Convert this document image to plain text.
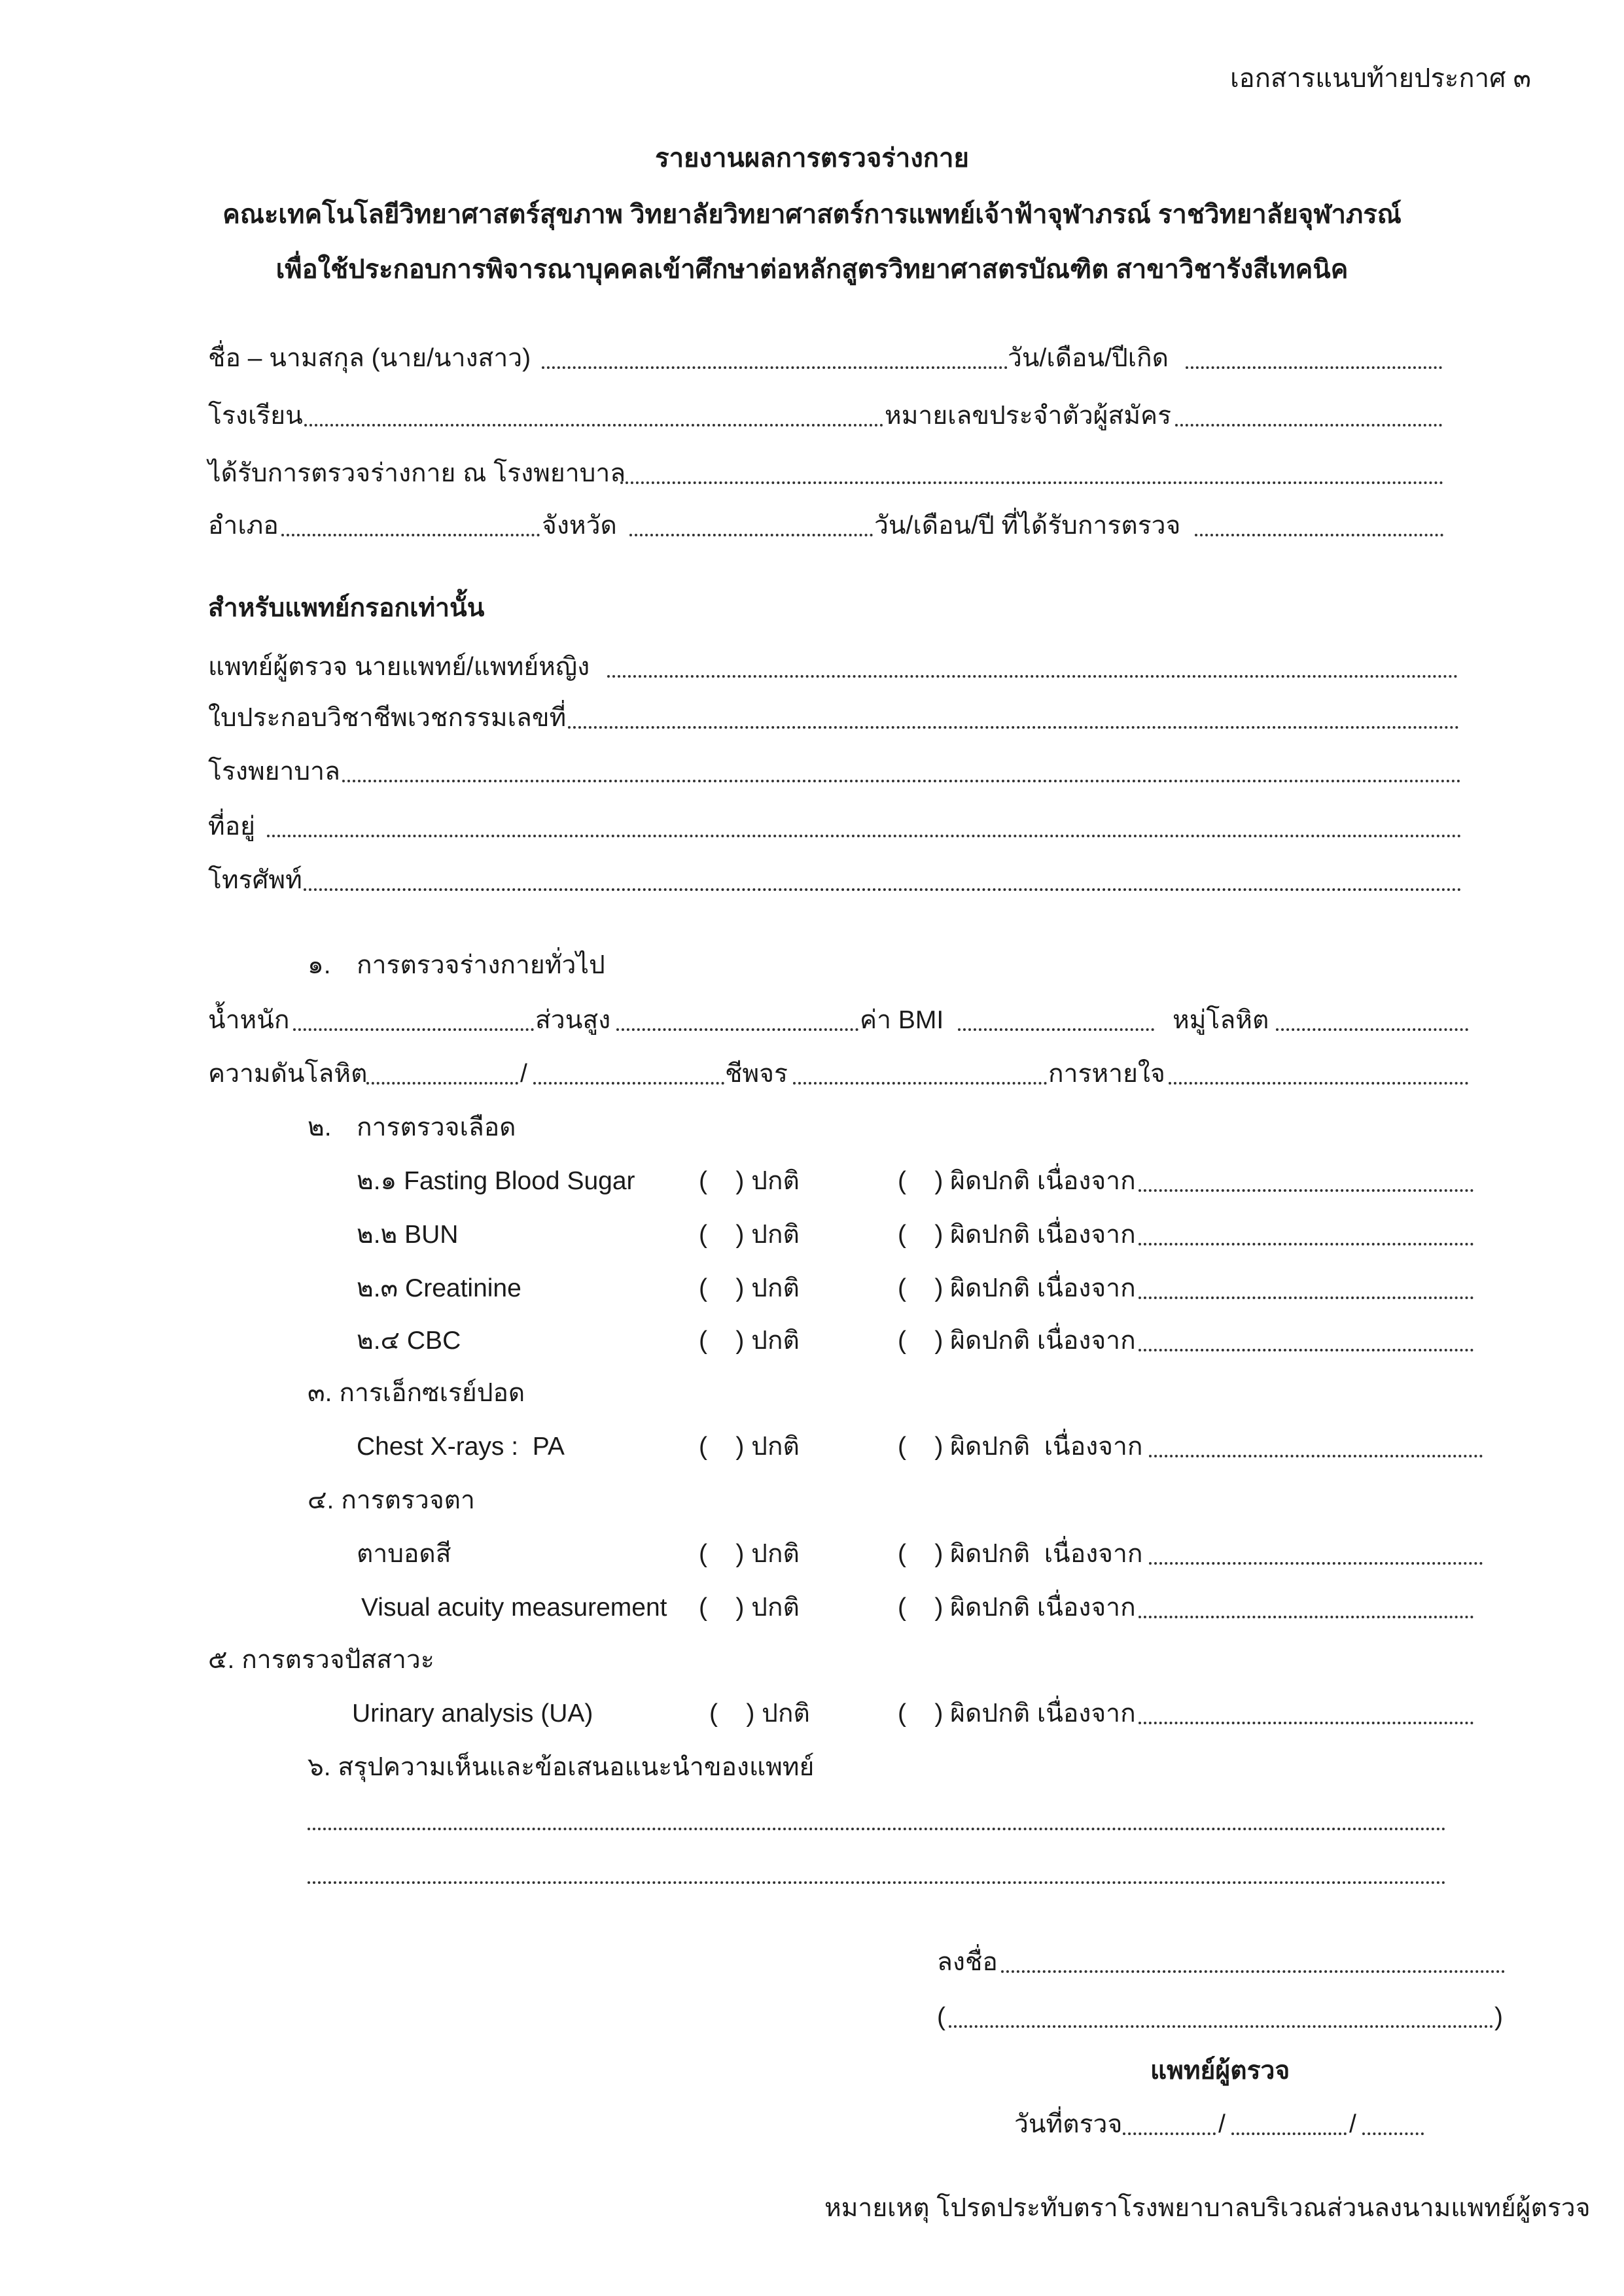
เอกสารแนบท้ายประกาศ ๓
รายงานผลการตรวจร่างกาย
คณะเทคโนโลยีวิทยาศาสตร์สุขภาพ วิทยาลัยวิทยาศาสตร์การแพทย์เจ้าฟ้าจุฬาภรณ์ ราชวิทยาลัยจุฬาภรณ์
เพื่อใช้ประกอบการพิจารณาบุคคลเข้าศึกษาต่อหลักสูตรวิทยาศาสตรบัณฑิต สาขาวิชารังสีเทคนิค
ชื่อ – นามสกุล (นาย/นางสาว)	วัน/เดือน/ปีเกิด
โรงเรียน	หมายเลขประจำตัวผู้สมัคร
ได้รับการตรวจร่างกาย ณ โรงพยาบาล
อำเภอ	จังหวัด	วัน/เดือน/ปี ที่ได้รับการตรวจ
สำหรับแพทย์กรอกเท่านั้น
แพทย์ผู้ตรวจ นายแพทย์/แพทย์หญิง
ใบประกอบวิชาชีพเวชกรรมเลขที่
โรงพยาบาล
ที่อยู่
โทรศัพท์
๑. การตรวจร่างกายทั่วไป
น้ำหนัก	ส่วนสูง	ค่า BMI	หมู่โลหิต
ความดันโลหิต	/	ชีพจร	การหายใจ
๒. การตรวจเลือด
๒.๑ Fasting Blood Sugar (    ) ปกติ	(    ) ผิดปกติ เนื่องจาก
๒.๒ BUN	(    ) ปกติ	(    ) ผิดปกติ เนื่องจาก
๒.๓ Creatinine	(    ) ปกติ	(    ) ผิดปกติ เนื่องจาก
๒.๔ CBC	(    ) ปกติ	(    ) ผิดปกติ เนื่องจาก
๓. การเอ็กซเรย์ปอด
Chest X-rays :  PA	(    ) ปกติ	(    ) ผิดปกติ  เนื่องจาก
๔. การตรวจตา
ตาบอดสี	(    ) ปกติ	(    ) ผิดปกติ  เนื่องจาก
Visual acuity measurement (    ) ปกติ	(    ) ผิดปกติ เนื่องจาก
๕. การตรวจปัสสาวะ
Urinary analysis (UA)	(    ) ปกติ	(    ) ผิดปกติ เนื่องจาก
๖. สรุปความเห็นและข้อเสนอแนะนำของแพทย์
ลงชื่อ
(	)
แพทย์ผู้ตรวจ
วันที่ตรวจ	/	/
หมายเหตุ โปรดประทับตราโรงพยาบาลบริเวณส่วนลงนามแพทย์ผู้ตรวจ
